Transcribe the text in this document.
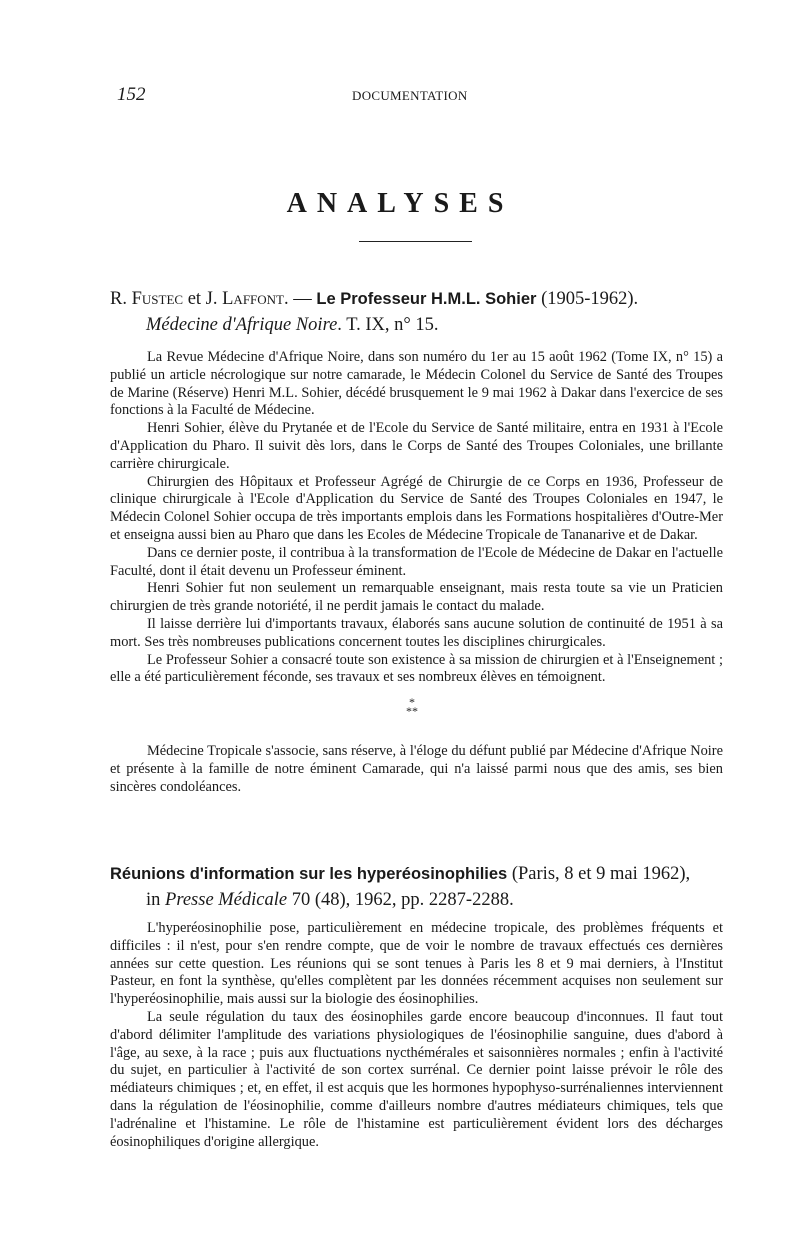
152	DOCUMENTATION
ANALYSES
R. Fustec et J. Laffont. — Le Professeur H.M.L. Sohier (1905-1962).
Médecine d'Afrique Noire. T. IX, n° 15.

La Revue Médecine d'Afrique Noire, dans son numéro du 1er au 15 août 1962 (Tome IX, n° 15) a publié un article nécrologique sur notre camarade, le Médecin Colonel du Service de Santé des Troupes de Marine (Réserve) Henri M.L. Sohier, décédé brusquement le 9 mai 1962 à Dakar dans l'exercice de ses fonctions à la Faculté de Médecine.

Henri Sohier, élève du Prytanée et de l'Ecole du Service de Santé militaire, entra en 1931 à l'Ecole d'Application du Pharo. Il suivit dès lors, dans le Corps de Santé des Troupes Coloniales, une brillante carrière chirurgicale.

Chirurgien des Hôpitaux et Professeur Agrégé de Chirurgie de ce Corps en 1936, Professeur de clinique chirurgicale à l'Ecole d'Application du Service de Santé des Troupes Coloniales en 1947, le Médecin Colonel Sohier occupa de très importants emplois dans les Formations hospitalières d'Outre-Mer et enseigna aussi bien au Pharo que dans les Ecoles de Médecine Tropicale de Tananarive et de Dakar.

Dans ce dernier poste, il contribua à la transformation de l'Ecole de Médecine de Dakar en l'actuelle Faculté, dont il était devenu un Professeur éminent.

Henri Sohier fut non seulement un remarquable enseignant, mais resta toute sa vie un Praticien chirurgien de très grande notoriété, il ne perdit jamais le contact du malade.

Il laisse derrière lui d'importants travaux, élaborés sans aucune solution de continuité de 1951 à sa mort. Ses très nombreuses publications concernent toutes les disciplines chirurgicales.

Le Professeur Sohier a consacré toute son existence à sa mission de chirurgien et à l'Enseignement ; elle a été particulièrement féconde, ses travaux et ses nombreux élèves en témoignent.

*
**

Médecine Tropicale s'associe, sans réserve, à l'éloge du défunt publié par Médecine d'Afrique Noire et présente à la famille de notre éminent Camarade, qui n'a laissé parmi nous que des amis, ses bien sincères condoléances.

Réunions d'information sur les hyperéosinophilies (Paris, 8 et 9 mai 1962),
in Presse Médicale 70 (48), 1962, pp. 2287-2288.

L'hyperéosinophilie pose, particulièrement en médecine tropicale, des problèmes fréquents et difficiles : il n'est, pour s'en rendre compte, que de voir le nombre de travaux effectués ces dernières années sur cette question. Les réunions qui se sont tenues à Paris les 8 et 9 mai derniers, à l'Institut Pasteur, en font la synthèse, qu'elles complètent par les données récemment acquises non seulement sur l'hyperéosinophilie, mais aussi sur la biologie des éosinophilies.

La seule régulation du taux des éosinophiles garde encore beaucoup d'inconnues. Il faut tout d'abord délimiter l'amplitude des variations physiologiques de l'éosinophilie sanguine, dues d'abord à l'âge, au sexe, à la race ; puis aux fluctuations nycthémérales et saisonnières normales ; enfin à l'activité du sujet, en particulier à l'activité de son cortex surrénal. Ce dernier point laisse prévoir le rôle des médiateurs chimiques ; et, en effet, il est acquis que les hormones hypophyso-surrénaliennes interviennent dans la régulation de l'éosinophilie, comme d'ailleurs nombre d'autres médiateurs chimiques, tels que l'adrénaline et l'histamine. Le rôle de l'histamine est particulièrement évident lors des décharges éosinophiliques d'origine allergique.
